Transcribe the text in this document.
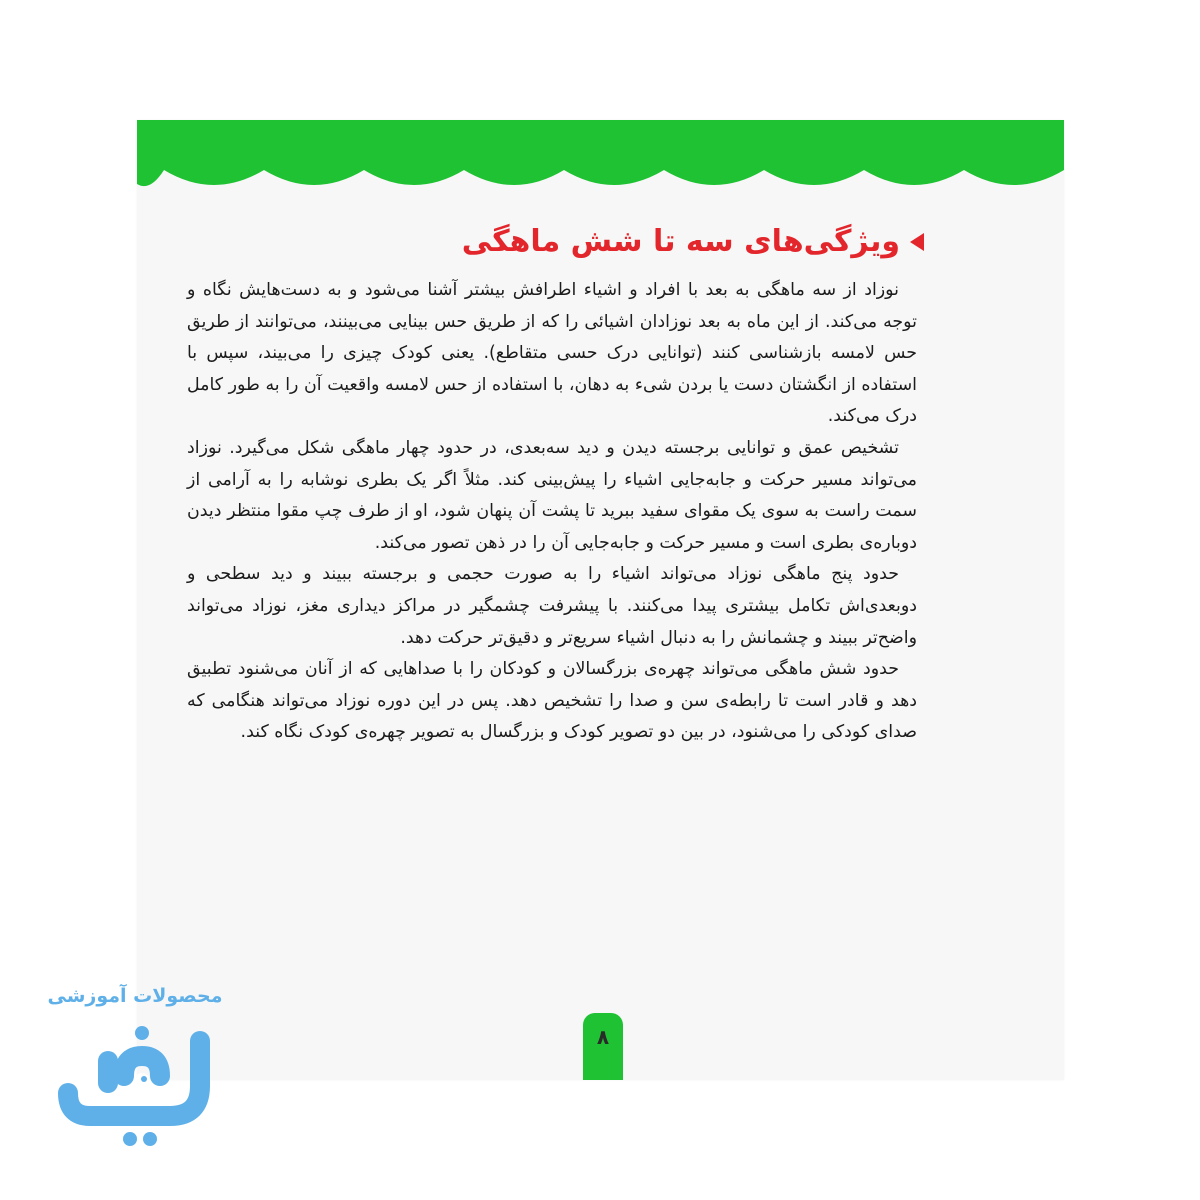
ویژگی‌های سه تا شش ماهگی

نوزاد از سه ماهگی به بعد با افراد و اشیاء اطرافش بیشتر آشنا می‌شود و به دست‌هایش نگاه و توجه می‌کند. از این ماه به بعد نوزادان اشیائی را که از طریق حس بینایی می‌بینند، می‌توانند از طریق حس لامسه بازشناسی کنند (توانایی درک حسی متقاطع). یعنی کودک چیزی را می‌بیند، سپس با استفاده از انگشتان دست یا بردن شیء به دهان، با استفاده از حس لامسه واقعیت آن را به طور کامل درک می‌کند.

تشخیص عمق و توانایی برجسته دیدن و دید سه‌بعدی، در حدود چهار ماهگی شکل می‌گیرد. نوزاد می‌تواند مسیر حرکت و جابه‌جایی اشیاء را پیش‌بینی کند. مثلاً اگر یک بطری نوشابه را به آرامی از سمت راست به سوی یک مقوای سفید ببرید تا پشت آن پنهان شود، او از طرف چپ مقوا منتظر دیدن دوباره‌ی بطری است و مسیر حرکت و جابه‌جایی آن را در ذهن تصور می‌کند.

حدود پنج ماهگی نوزاد می‌تواند اشیاء را به صورت حجمی و برجسته ببیند و دید سطحی و دوبعدی‌اش تکامل بیشتری پیدا می‌کنند. با پیشرفت چشمگیر در مراکز دیداری مغز، نوزاد می‌تواند واضح‌تر ببیند و چشمانش را به دنبال اشیاء سریع‌تر و دقیق‌تر حرکت دهد.

حدود شش ماهگی می‌تواند چهره‌ی بزرگسالان و کودکان را با صداهایی که از آنان می‌شنود تطبیق دهد و قادر است تا رابطه‌ی سن و صدا را تشخیص دهد. پس در این دوره نوزاد می‌تواند هنگامی که صدای کودکی را می‌شنود، در بین دو تصویر کودک و بزرگسال به تصویر چهره‌ی کودک نگاه کند.

۸
محصولات آموزشی
